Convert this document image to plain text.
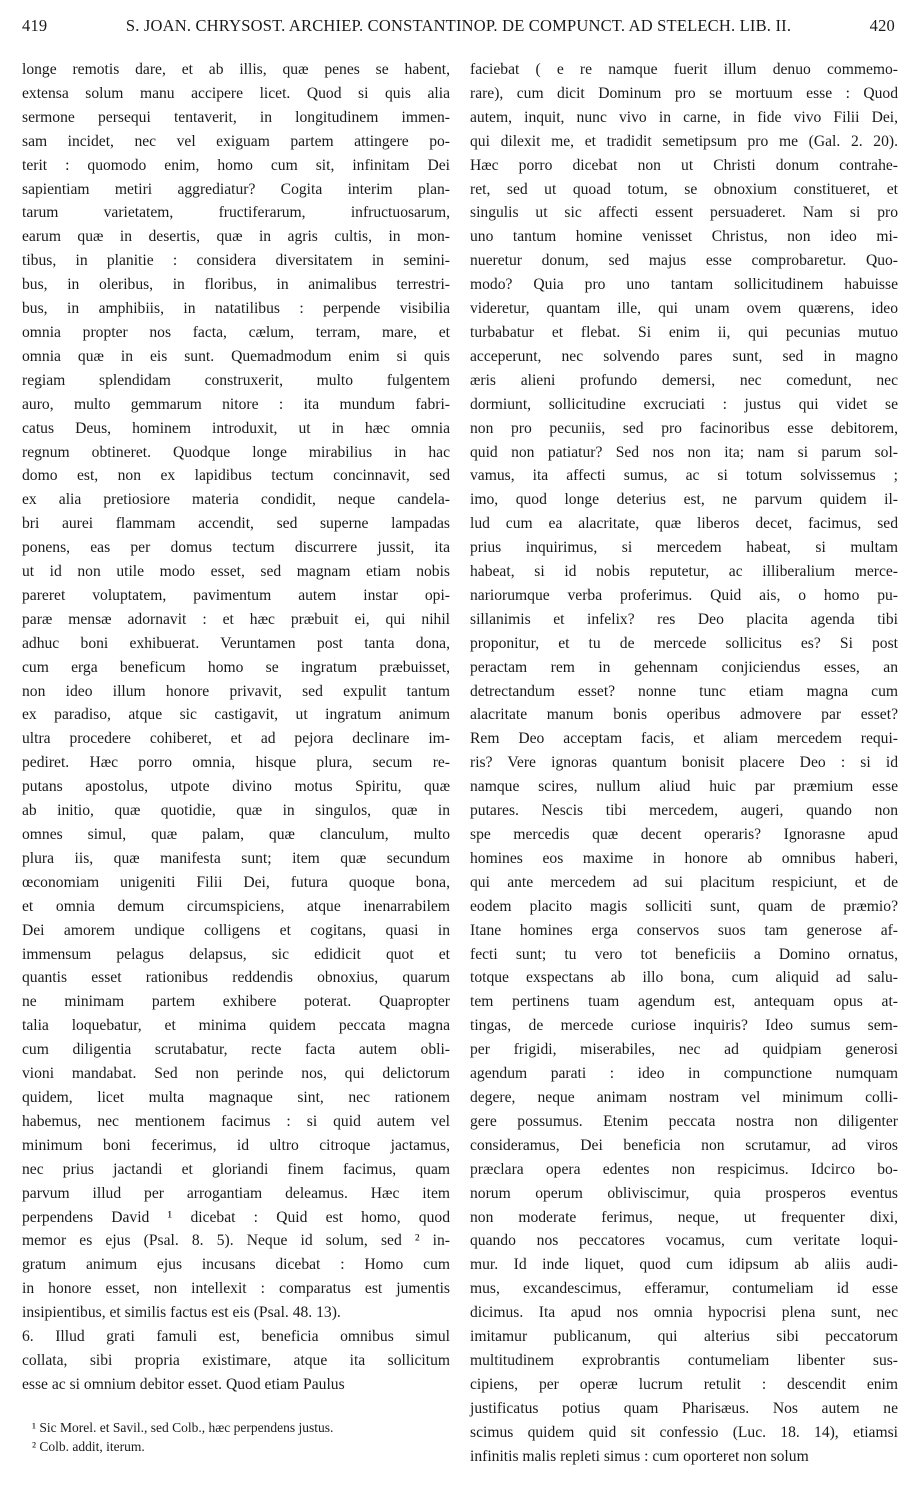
419	S. JOAN. CHRYSOST. ARCHIEP. CONSTANTINOP. DE COMPUNCT. AD STELECH. LIB. II.	420
longe remotis dare, et ab illis, quæ penes se habent,
extensa solum manu accipere licet. Quod si quis alia
sermone persequi tentaverit, in longitudinem immen-
sam incidet, nec vel exiguam partem attingere po-
terit : quomodo enim, homo cum sit, infinitam Dei
sapientiam metiri aggrediatur? Cogita interim plan-
tarum varietatem, fructiferarum, infructuosarum,
earum quæ in desertis, quæ in agris cultis, in mon-
tibus, in planitie : considera diversitatem in semini-
bus, in oleribus, in floribus, in animalibus terrestri-
bus, in amphibiis, in natatilibus : perpende visibilia
omnia propter nos facta, cælum, terram, mare, et
omnia quæ in eis sunt. Quemadmodum enim si quis
regiam splendidam construxerit, multo fulgentem
auro, multo gemmarum nitore : ita mundum fabri-
catus Deus, hominem introduxit, ut in hæc omnia
regnum obtineret. Quodque longe mirabilius in hac
domo est, non ex lapidibus tectum concinnavit, sed
ex alia pretiosiore materia condidit, neque candela-
bri aurei flammam accendit, sed superne lampadas
ponens, eas per domus tectum discurrere jussit, ita
ut id non utile modo esset, sed magnam etiam nobis
pareret voluptatem, pavimentum autem instar opi-
paræ mensæ adornavit : et hæc præbuit ei, qui nihil
adhuc boni exhibuerat. Veruntamen post tanta dona,
cum erga beneficum homo se ingratum præbuisset,
non ideo illum honore privavit, sed expulit tantum
ex paradiso, atque sic castigavit, ut ingratum animum
ultra procedere cohiberet, et ad pejora declinare im-
pediret. Hæc porro omnia, hisque plura, secum re-
putans apostolus, utpote divino motus Spiritu, quæ
ab initio, quæ quotidie, quæ in singulos, quæ in
omnes simul, quæ palam, quæ clanculum, multo
plura iis, quæ manifesta sunt; item quæ secundum
œconomiam unigeniti Filii Dei, futura quoque bona,
et omnia demum circumspiciens, atque inenarrabilem
Dei amorem undique colligens et cogitans, quasi in
immensum pelagus delapsus, sic edidicit quot et
quantis esset rationibus reddendis obnoxius, quarum
ne minimam partem exhibere poterat. Quapropter
talia loquebatur, et minima quidem peccata magna
cum diligentia scrutabatur, recte facta autem obli-
vioni mandabat. Sed non perinde nos, qui delictorum
quidem, licet multa magnaque sint, nec rationem
habemus, nec mentionem facimus : si quid autem vel
minimum boni fecerimus, id ultro citroque jactamus,
nec prius jactandi et gloriandi finem facimus, quam
parvum illud per arrogantiam deleamus. Hæc item
perpendens David ¹ dicebat : Quid est homo, quod
memor es ejus (Psal. 8. 5). Neque id solum, sed ² in-
gratum animum ejus incusans dicebat : Homo cum
in honore esset, non intellexit : comparatus est jumentis
insipientibus, et similis factus est eis (Psal. 48. 13).
6. Illud grati famuli est, beneficia omnibus simul
collata, sibi propria existimare, atque ita sollicitum
esse ac si omnium debitor esset. Quod etiam Paulus
faciebat ( e re namque fuerit illum denuo commemo-
rare), cum dicit Dominum pro se mortuum esse : Quod
autem, inquit, nunc vivo in carne, in fide vivo Filii Dei,
qui dilexit me, et tradidit semetipsum pro me (Gal. 2. 20).
Hæc porro dicebat non ut Christi donum contrahe-
ret, sed ut quoad totum, se obnoxium constitueret, et
singulis ut sic affecti essent persuaderet. Nam si pro
uno tantum homine venisset Christus, non ideo mi-
nueretur donum, sed majus esse comprobaretur. Quo-
modo? Quia pro uno tantam sollicitudinem habuisse
videretur, quantam ille, qui unam ovem quærens, ideo
turbabatur et flebat. Si enim ii, qui pecunias mutuo
acceperunt, nec solvendo pares sunt, sed in magno
æris alieni profundo demersi, nec comedunt, nec
dormiunt, sollicitudine excruciati : justus qui videt se
non pro pecuniis, sed pro facinoribus esse debitorem,
quid non patiatur? Sed nos non ita; nam si parum sol-
vamus, ita affecti sumus, ac si totum solvissemus ;
imo, quod longe deterius est, ne parvum quidem il-
lud cum ea alacritate, quæ liberos decet, facimus, sed
prius inquirimus, si mercedem habeat, si multam
habeat, si id nobis reputetur, ac illiberalium merce-
nariorumque verba proferimus. Quid ais, o homo pu-
sillanimis et infelix? res Deo placita agenda tibi
proponitur, et tu de mercede sollicitus es? Si post
peractam rem in gehennam conjiciendus esses, an
detrectandum esset? nonne tunc etiam magna cum
alacritate manum bonis operibus admovere par esset?
Rem Deo acceptam facis, et aliam mercedem requi-
ris? Vere ignoras quantum bonisit placere Deo : si id
namque scires, nullum aliud huic par præmium esse
putares. Nescis tibi mercedem, augeri, quando non
spe mercedis quæ decent operaris? Ignorasne apud
homines eos maxime in honore ab omnibus haberi,
qui ante mercedem ad sui placitum respiciunt, et de
eodem placito magis solliciti sunt, quam de præmio?
Itane homines erga conservos suos tam generose af-
fecti sunt; tu vero tot beneficiis a Domino ornatus,
totque exspectans ab illo bona, cum aliquid ad salu-
tem pertinens tuam agendum est, antequam opus at-
tingas, de mercede curiose inquiris? Ideo sumus sem-
per frigidi, miserabiles, nec ad quidpiam generosi
agendum parati : ideo in compunctione numquam
degere, neque animam nostram vel minimum colli-
gere possumus. Etenim peccata nostra non diligenter
consideramus, Dei beneficia non scrutamur, ad viros
præclara opera edentes non respicimus. Idcirco bo-
norum operum obliviscimur, quia prosperos eventus
non moderate ferimus, neque, ut frequenter dixi,
quando nos peccatores vocamus, cum veritate loqui-
mur. Id inde liquet, quod cum idipsum ab aliis audi-
mus, excandescimus, efferamur, contumeliam id esse
dicimus. Ita apud nos omnia hypocrisi plena sunt, nec
imitamur publicanum, qui alterius sibi peccatorum
multitudinem exprobrantis contumeliam libenter sus-
cipiens, per operæ lucrum retulit : descendit enim
justificatus potius quam Pharisæus. Nos autem ne
scimus quidem quid sit confessio (Luc. 18. 14), etiamsi
infinitis malis repleti simus : cum oporteret non solum
¹ Sic Morel. et Savil., sed Colb., hæc perpendens justus.
² Colb. addit, iterum.
